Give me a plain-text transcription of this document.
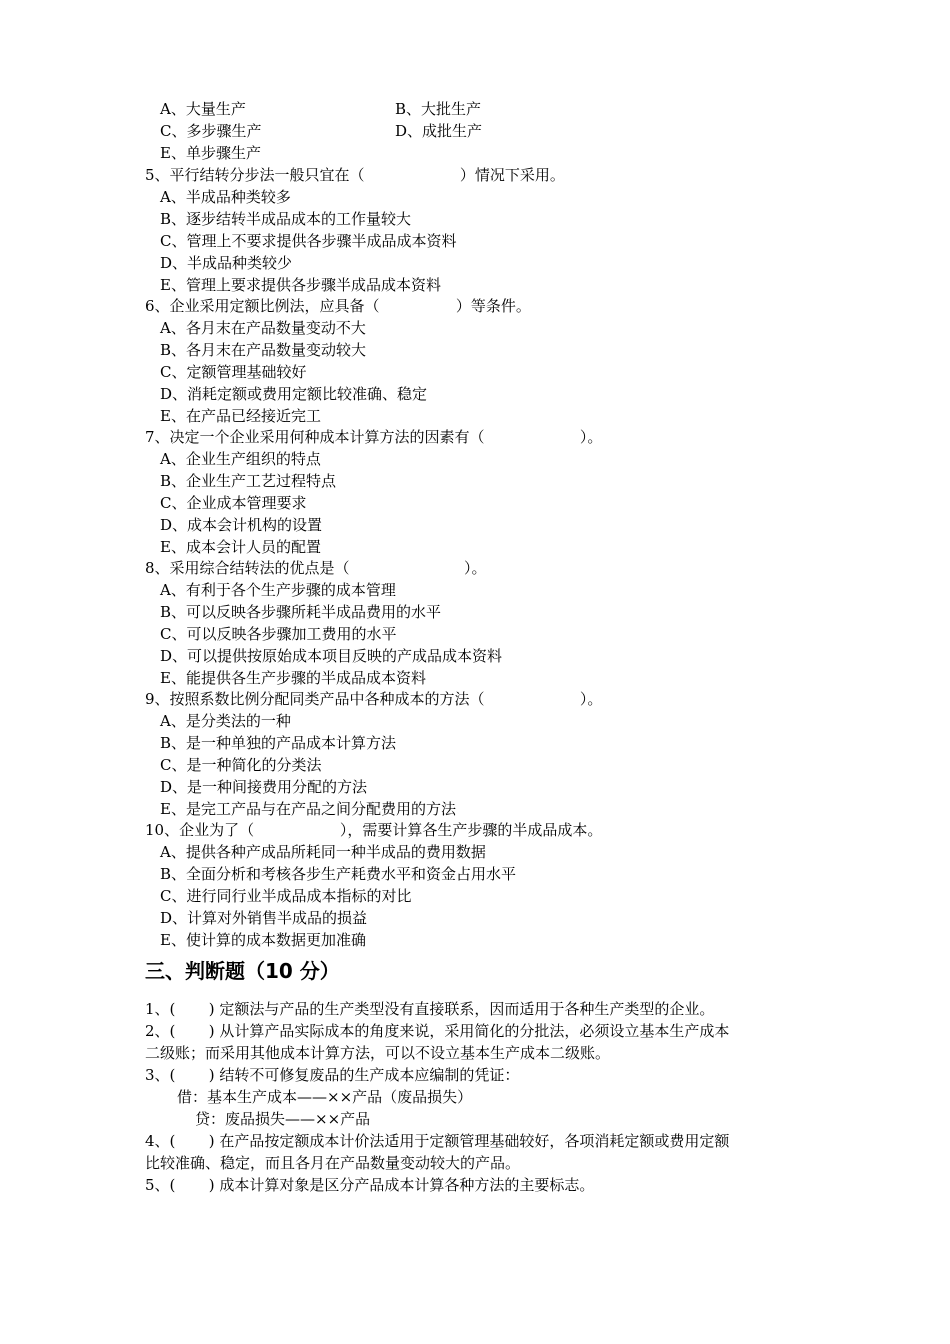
A、大量生产	B、大批生产
C、多步骤生产	D、成批生产
E、单步骤生产
5、平行结转分步法一般只宜在（                    ）情况下采用。
A、半成品种类较多
B、逐步结转半成品成本的工作量较大
C、管理上不要求提供各步骤半成品成本资料
D、半成品种类较少
E、管理上要求提供各步骤半成品成本资料
6、企业采用定额比例法，应具备（                ）等条件。
A、各月末在产品数量变动不大
B、各月末在产品数量变动较大
C、定额管理基础较好
D、消耗定额或费用定额比较准确、稳定
E、在产品已经接近完工
7、决定一个企业采用何种成本计算方法的因素有（                    ）。
A、企业生产组织的特点
B、企业生产工艺过程特点
C、企业成本管理要求
D、成本会计机构的设置
E、成本会计人员的配置
8、采用综合结转法的优点是（                        ）。
A、有利于各个生产步骤的成本管理
B、可以反映各步骤所耗半成品费用的水平
C、可以反映各步骤加工费用的水平
D、可以提供按原始成本项目反映的产成品成本资料
E、能提供各生产步骤的半成品成本资料
9、按照系数比例分配同类产品中各种成本的方法（                    ）。
A、是分类法的一种
B、是一种单独的产品成本计算方法
C、是一种简化的分类法
D、是一种间接费用分配的方法
E、是完工产品与在产品之间分配费用的方法
10、企业为了（                  ），需要计算各生产步骤的半成品成本。
A、提供各种产成品所耗同一种半成品的费用数据
B、全面分析和考核各步生产耗费水平和资金占用水平
C、进行同行业半成品成本指标的对比
D、计算对外销售半成品的损益
E、使计算的成本数据更加准确
三、判断题（10 分）
1、(       ) 定额法与产品的生产类型没有直接联系，因而适用于各种生产类型的企业。
2、(       ) 从计算产品实际成本的角度来说，采用简化的分批法，必须设立基本生产成本
二级账；而采用其他成本计算方法，可以不设立基本生产成本二级账。
3、(       ) 结转不可修复废品的生产成本应编制的凭证：
借：基本生产成本——××产品（废品损失）
贷：废品损失——××产品
4、(       ) 在产品按定额成本计价法适用于定额管理基础较好，各项消耗定额或费用定额
比较准确、稳定，而且各月在产品数量变动较大的产品。
5、(       ) 成本计算对象是区分产品成本计算各种方法的主要标志。
